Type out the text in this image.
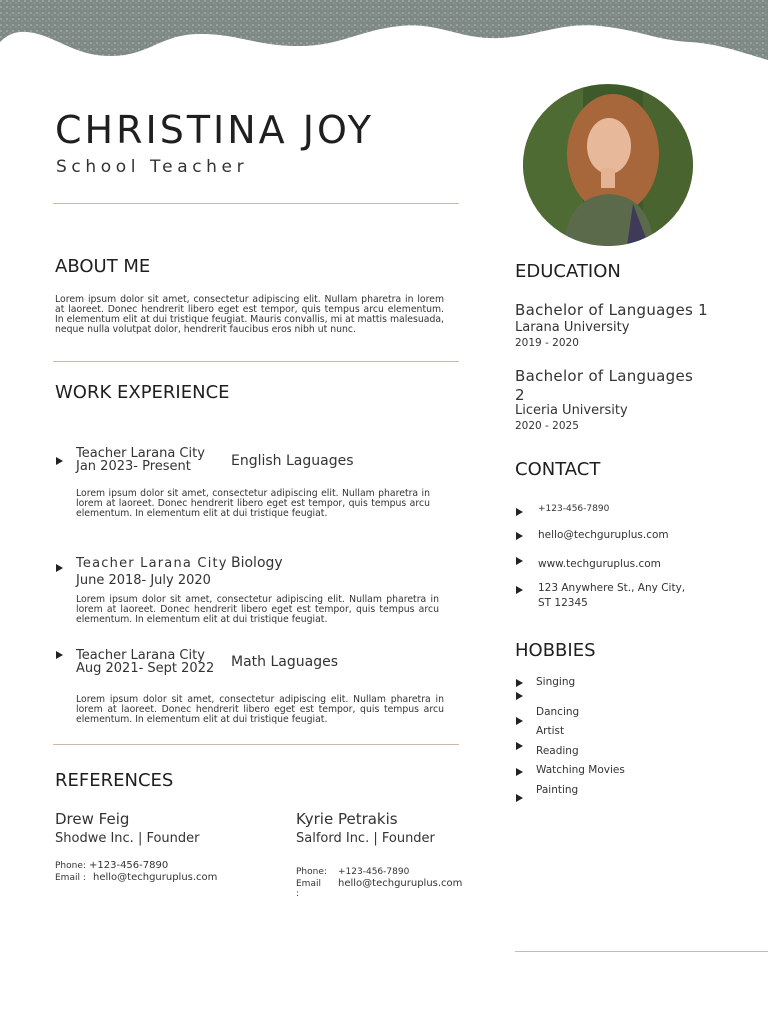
CHRISTINA JOY
School Teacher
ABOUT ME
Lorem ipsum dolor sit amet, consectetur adipiscing elit. Nullam pharetra in lorem at laoreet. Donec hendrerit libero eget est tempor, quis tempus arcu elementum. In elementum elit at dui tristique feugiat. Mauris convallis, mi at mattis malesuada, neque nulla volutpat dolor, hendrerit faucibus eros nibh ut nunc.
WORK EXPERIENCE
Teacher Larana City
Jan 2023- Present	English Laguages
Lorem ipsum dolor sit amet, consectetur adipiscing elit. Nullam pharetra in lorem at laoreet. Donec hendrerit libero eget est tempor, quis tempus arcu elementum. In elementum elit at dui tristique feugiat.
Teacher Larana City
June 2018- July 2020
Biology
Lorem ipsum dolor sit amet, consectetur adipiscing elit. Nullam pharetra in lorem at laoreet. Donec hendrerit libero eget est tempor, quis tempus arcu elementum. In elementum elit at dui tristique feugiat.
Teacher Larana City
Aug 2021- Sept 2022 Math Laguages
Lorem ipsum dolor sit amet, consectetur adipiscing elit. Nullam pharetra in lorem at laoreet. Donec hendrerit libero eget est tempor, quis tempus arcu elementum. In elementum elit at dui tristique feugiat.
REFERENCES
Drew Feig
Shodwe Inc. | Founder
Phone: +123-456-7890
Email : hello@techguruplus.com
Kyrie Petrakis
Salford Inc. | Founder
Phone: +123-456-7890
Email
:
hello@techguruplus.com
EDUCATION
Bachelor of Languages 1
Larana University
2019 - 2020
Bachelor of Languages 2
Liceria University
2020 - 2025
CONTACT
+123-456-7890
hello@techguruplus.com
www.techguruplus.com
123 Anywhere St., Any City,
ST 12345
HOBBIES
Singing
Dancing
Artist
Reading
Watching Movies
Painting
